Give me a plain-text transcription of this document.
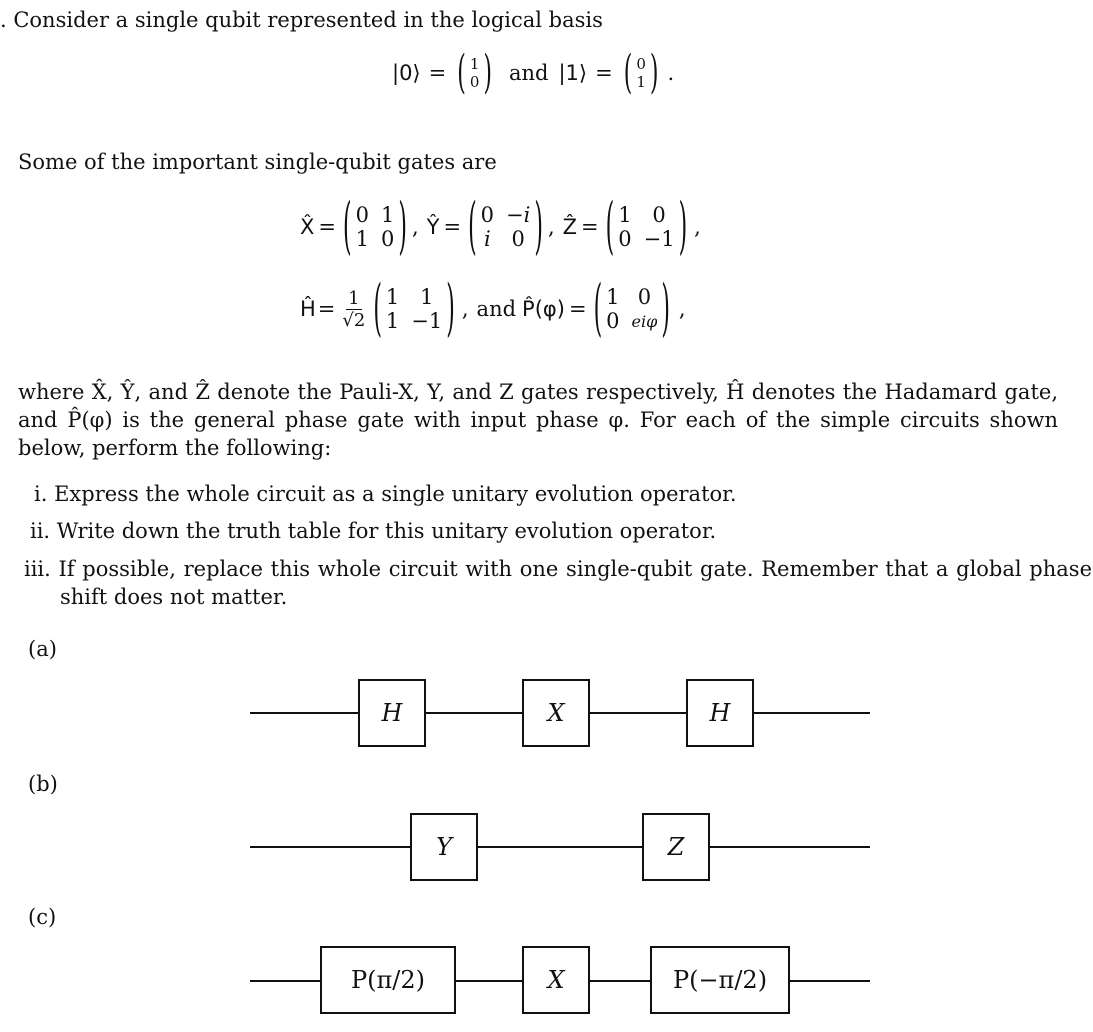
. Consider a single qubit represented in the logical basis
|0⟩ = ( 1
0 ) and |1⟩ = ( 0
1 ) .
Some of the important single-qubit gates are
X̂ = ( 0 1
1 0 ) , Ŷ = ( 0 −i
i 0 ) , Ẑ = ( 1 0
0 −1 ) ,
Ĥ = $\frac{1}{√2}$ ( 1 1
1 −1 ) , and P̂(φ) = ( 1 0
0 eiφ ) ,
where X̂, Ŷ, and Ẑ denote the Pauli-X, Y, and Z gates respectively, Ĥ denotes the Hadamard gate, and P̂(φ) is the general phase gate with input phase φ. For each of the simple circuits shown below, perform the following:
i. Express the whole circuit as a single unitary evolution operator.
ii. Write down the truth table for this unitary evolution operator.
iii. If possible, replace this whole circuit with one single-qubit gate. Remember that a global phase shift does not matter.
(a)
H	X	H
(b)
Y	Z
(c)
P(π/2)	X	P(−π/2)
